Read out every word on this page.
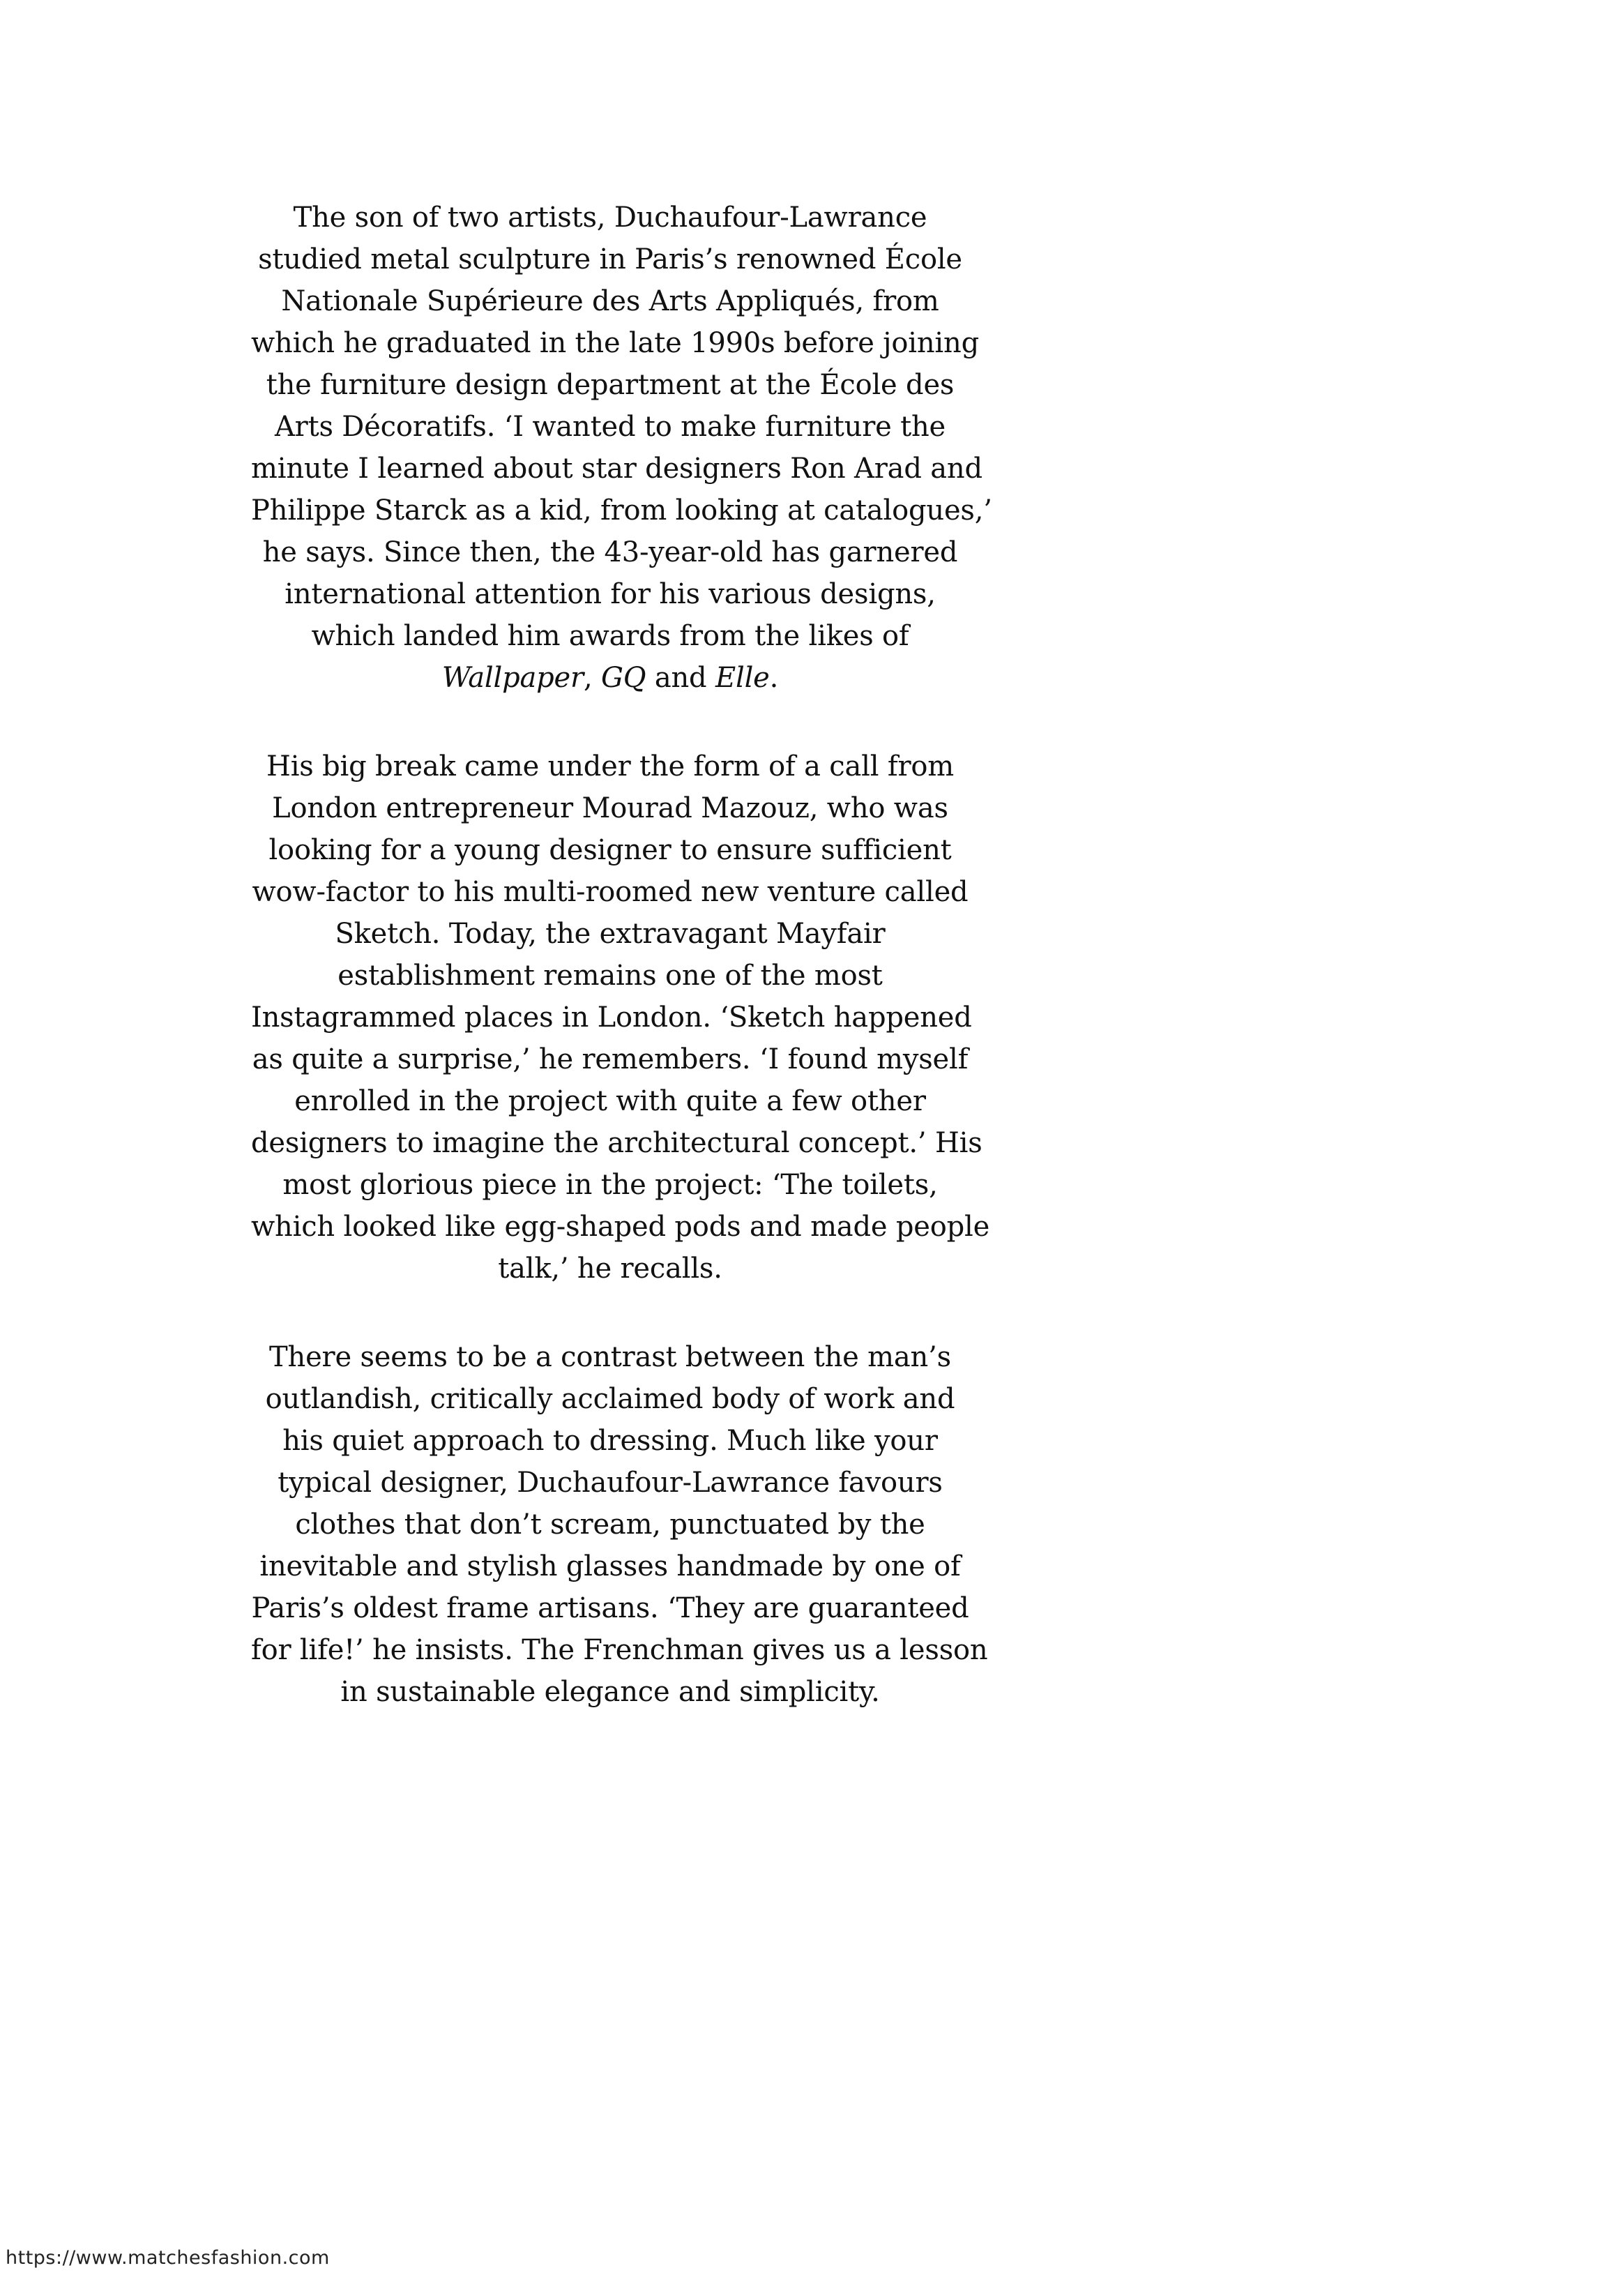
The son of two artists, Duchaufour-Lawrance
studied metal sculpture in Paris’s renowned École
Nationale Supérieure des Arts Appliqués, from
which he graduated in the late 1990s before joining
the furniture design department at the École des
Arts Décoratifs. ‘I wanted to make furniture the
minute I learned about star designers Ron Arad and
Philippe Starck as a kid, from looking at catalogues,’
he says. Since then, the 43-year-old has garnered
international attention for his various designs,
which landed him awards from the likes of
Wallpaper, GQ and Elle.

His big break came under the form of a call from
London entrepreneur Mourad Mazouz, who was
looking for a young designer to ensure sufficient
wow-factor to his multi-roomed new venture called
Sketch. Today, the extravagant Mayfair
establishment remains one of the most
Instagrammed places in London. ‘Sketch happened
as quite a surprise,’ he remembers. ‘I found myself
enrolled in the project with quite a few other
designers to imagine the architectural concept.’ His
most glorious piece in the project: ‘The toilets,
which looked like egg-shaped pods and made people
talk,’ he recalls.

There seems to be a contrast between the man’s
outlandish, critically acclaimed body of work and
his quiet approach to dressing. Much like your
typical designer, Duchaufour-Lawrance favours
clothes that don’t scream, punctuated by the
inevitable and stylish glasses handmade by one of
Paris’s oldest frame artisans. ‘They are guaranteed
for life!’ he insists. The Frenchman gives us a lesson
in sustainable elegance and simplicity.

https://www.matchesfashion.com
